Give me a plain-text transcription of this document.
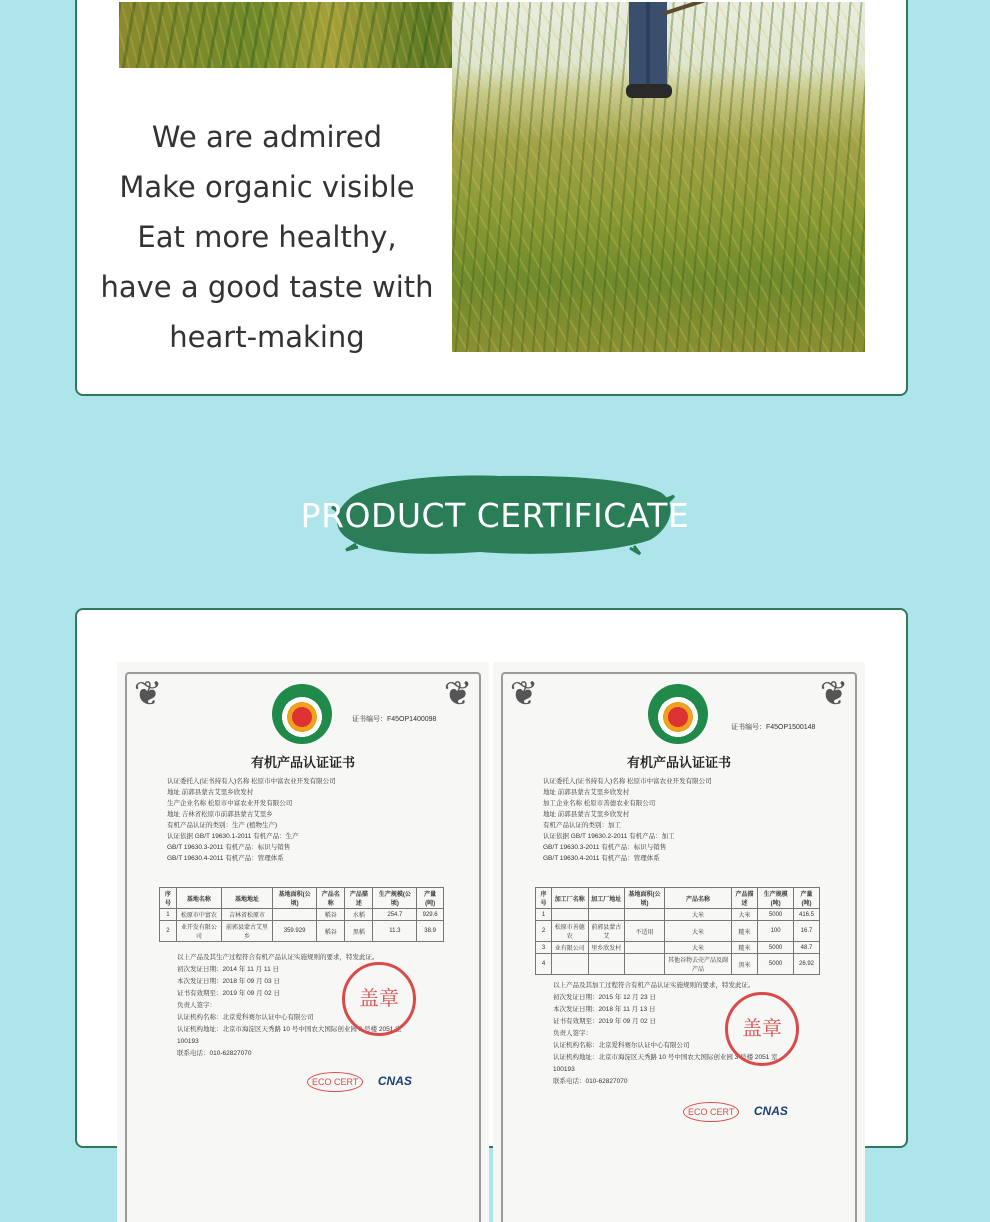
We are admired
Make organic visible
Eat more healthy,
have a good taste with
heart-making
PRODUCT CERTIFICATE
❦	❦
证书编号：F45OP1400098
有机产品认证证书
认证委托人(证书持有人)名称 松原市中富农业开发有限公司
地址 前郭县蒙古艾里乡欣发村
生产企业名称 松原市中富农业开发有限公司
地址 吉林省松原市前郭县蒙古艾里乡
有机产品认证的类别：生产 (植物生产)
认证依据 GB/T 19630.1-2011 有机产品：生产
GB/T 19630.3-2011 有机产品：标识与销售
GB/T 19630.4-2011 有机产品：管理体系
序号	基地名称	基地地址	基地面积(公顷)	产品名称	产品描述	生产规模(公顷)	产量(吨)
1	松原市中富农	吉林省松原市		稻谷	水稻	254.7	929.6
2	业开发有限公司	前郭县蒙古艾里乡	359.929	稻谷	黑稻	11.3	38.9
以上产品及其生产过程符合有机产品认证实施规则的要求，特发此证。
初次发证日期：2014 年 11 月 11 日
本次发证日期：2018 年 09 月 03 日
证书有效期至：2019 年 09 月 02 日
负责人签字：
认证机构名称：北京爱科赛尔认证中心有限公司
认证机构地址：北京市海淀区天秀路 10 号中国农大国际创业园 3 号楼 2051 室
100193
联系电话：010-62827070
盖章
ECO CERT CNAS
❦	❦
证书编号：F45OP1500148
有机产品认证证书
认证委托人(证书持有人)名称 松原市中富农业开发有限公司
地址 前郭县蒙古艾里乡欣发村
加工企业名称 松原市善德农业有限公司
地址 前郭县蒙古艾里乡欣发村
有机产品认证的类别：加工
认证依据 GB/T 19630.2-2011 有机产品：加工
GB/T 19630.3-2011 有机产品：标识与销售
GB/T 19630.4-2011 有机产品：管理体系
序号	加工厂名称	加工厂地址	基地面积(公顷)	产品名称	产品描述	生产规模(吨)	产量(吨)
1				大米	大米	5000	416.5
2	松原市善德农	前郭县蒙古艾	不适用	大米	糙米	100	16.7
3	业有限公司	里乡欣发村		大米	糙米	5000	48.7
4				其他谷物去壳产品及副产品	黑米	5000	26.92
以上产品及其加工过程符合有机产品认证实施规则的要求，特发此证。
初次发证日期：2015 年 12 月 23 日
本次发证日期：2018 年 11 月 13 日
证书有效期至：2019 年 09 月 02 日
负责人签字：
认证机构名称：北京爱科赛尔认证中心有限公司
认证机构地址：北京市海淀区天秀路 10 号中国农大国际创业园 3 号楼 2051 室
100193
联系电话：010-62827070
盖章
ECO CERT CNAS
